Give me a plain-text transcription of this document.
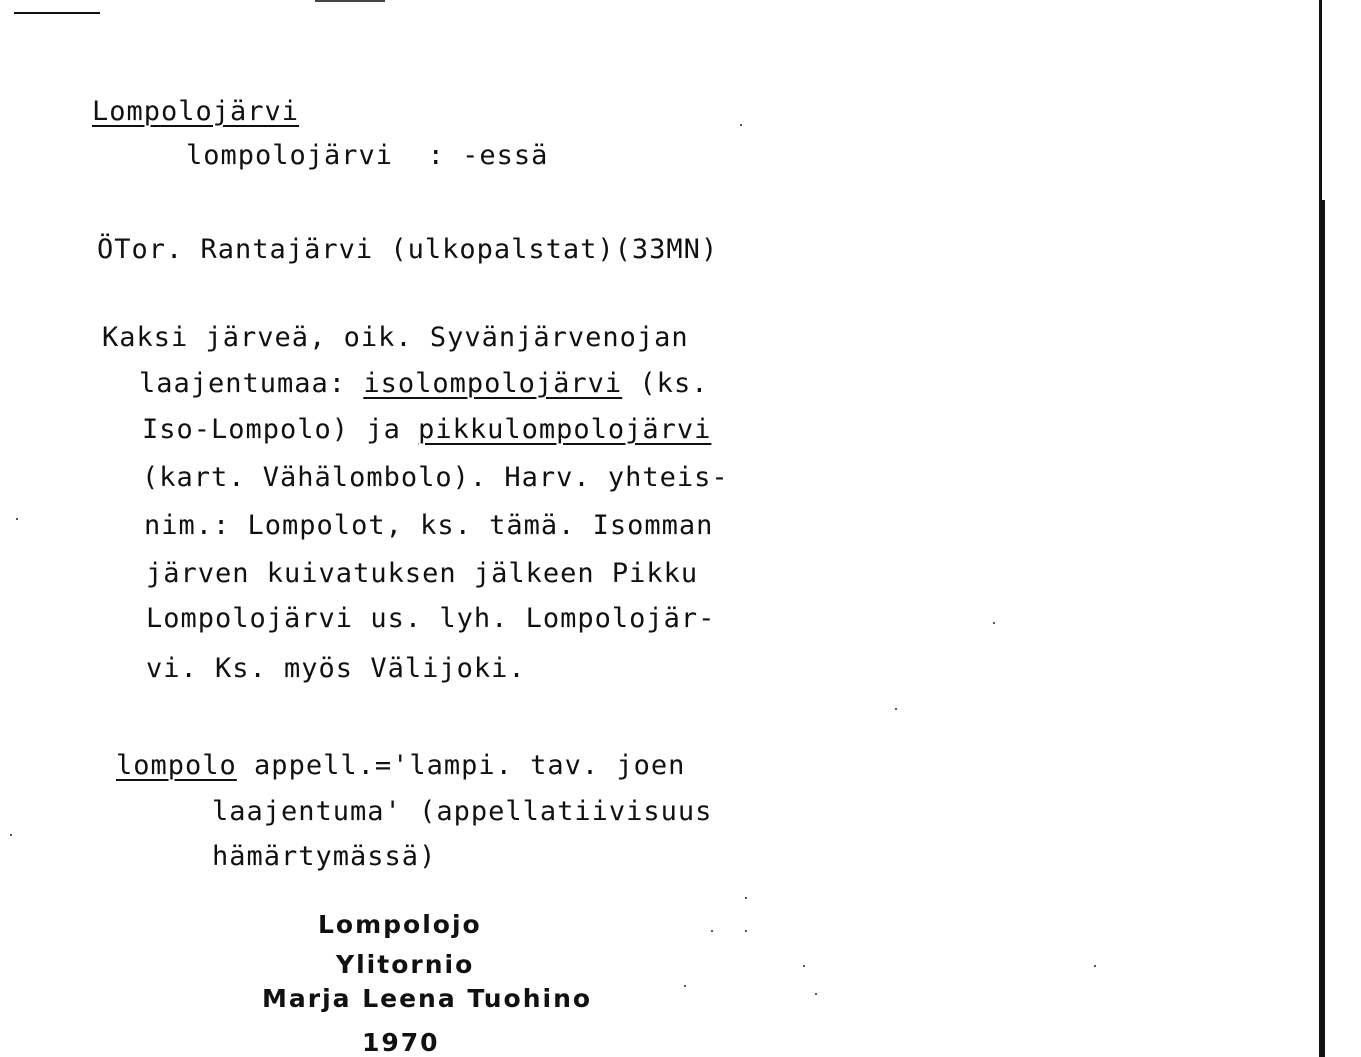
Lompolojärvi
lompolojärvi  : -essä
ÖTor. Rantajärvi (ulkopalstat)(33MN)
Kaksi järveä, oik. Syvänjärvenojan
laajentumaa: isolompolojärvi (ks.
Iso-Lompolo) ja pikkulompolojärvi
(kart. Vähälombolo). Harv. yhteis-
nim.: Lompolot, ks. tämä. Isomman
järven kuivatuksen jälkeen Pikku
Lompolojärvi us. lyh. Lompolojär-
vi. Ks. myös Välijoki.
lompolo appell.='lampi. tav. joen
laajentuma' (appellatiivisuus
hämärtymässä)
Lompolojo
Ylitornio
Marja Leena Tuohino
1970
